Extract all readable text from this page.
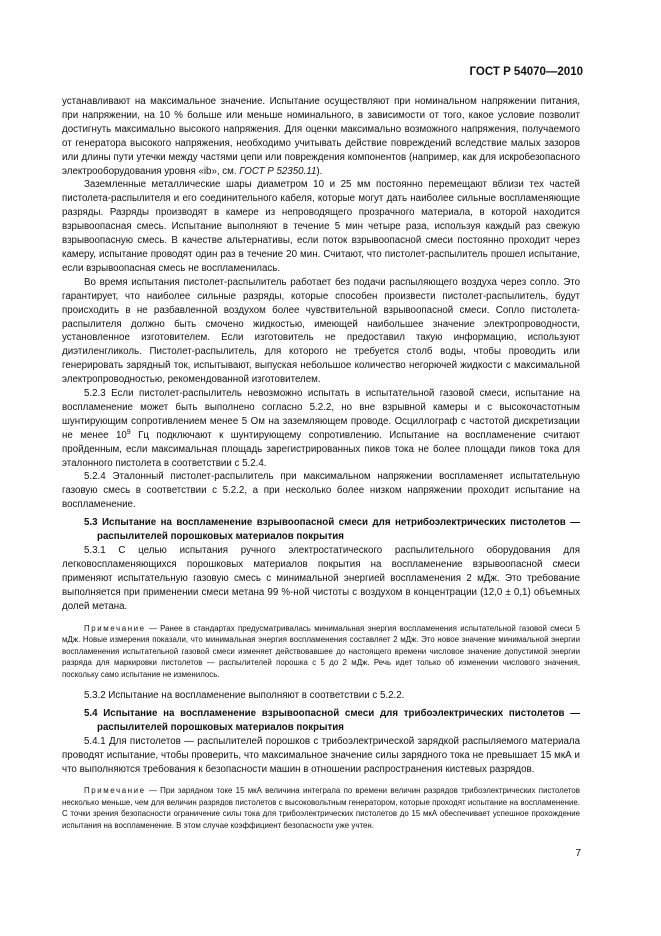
ГОСТ Р 54070—2010

устанавливают на максимальное значение. Испытание осуществляют при номинальном напряжении питания, при напряжении, на 10 % больше или меньше номинального, в зависимости от того, какое условие позволит достигнуть максимально высокого напряжения. Для оценки максимально возможного напряжения, получаемого от генератора высокого напряжения, необходимо учитывать действие повреждений вследствие малых зазоров или длины пути утечки между частями цепи или повреждения компонентов (например, как для искробезопасного электрооборудования уровня «ib», см. ГОСТ Р 52350.11).

Заземленные металлические шары диаметром 10 и 25 мм постоянно перемещают вблизи тех частей пистолета-распылителя и его соединительного кабеля, которые могут дать наиболее сильные воспламеняющие разряды. Разряды производят в камере из непроводящего прозрачного материала, в которой находится взрывоопасная смесь. Испытание выполняют в течение 5 мин четыре раза, используя каждый раз свежую взрывоопасную смесь. В качестве альтернативы, если поток взрывоопасной смеси постоянно проходит через камеру, испытание проводят один раз в течение 20 мин. Считают, что пистолет-распылитель прошел испытание, если взрывоопасная смесь не воспламенилась.

Во время испытания пистолет-распылитель работает без подачи распыляющего воздуха через сопло. Это гарантирует, что наиболее сильные разряды, которые способен произвести пистолет-распылитель, будут происходить в не разбавленной воздухом более чувствительной взрывоопасной смеси. Сопло пистолета-распылителя должно быть смочено жидкостью, имеющей наибольшее значение электропроводности, установленное изготовителем. Если изготовитель не предоставил такую информацию, используют диэтиленгликоль. Пистолет-распылитель, для которого не требуется столб воды, чтобы проводить или генерировать зарядный ток, испытывают, выпуская небольшое количество негорючей жидкости с максимальной электропроводностью, рекомендованной изготовителем.

5.2.3 Если пистолет-распылитель невозможно испытать в испытательной газовой смеси, испытание на воспламенение может быть выполнено согласно 5.2.2, но вне взрывной камеры и с высокочастотным шунтирующим сопротивлением менее 5 Ом на заземляющем проводе. Осциллограф с частотой дискретизации не менее $10^9$ Гц подключают к шунтирующему сопротивлению. Испытание на воспламенение считают пройденным, если максимальная площадь зарегистрированных пиков тока не более площади пиков тока для эталонного пистолета в соответствии с 5.2.4.

5.2.4 Эталонный пистолет-распылитель при максимальном напряжении воспламеняет испытательную газовую смесь в соответствии с 5.2.2, а при несколько более низком напряжении проходит испытание на воспламенение.

5.3 Испытание на воспламенение взрывоопасной смеси для нетрибоэлектрических пистолетов — распылителей порошковых материалов покрытия

5.3.1 С целью испытания ручного электростатического распылительного оборудования для легковоспламеняющихся порошковых материалов покрытия на воспламенение взрывоопасной смеси применяют испытательную газовую смесь с минимальной энергией воспламенения 2 мДж. Это требование выполняется при применении смеси метана 99 %-ной чистоты с воздухом в концентрации (12,0 ± 0,1) объемных долей метана.

Примечание — Ранее в стандартах предусматривалась минимальная энергия воспламенения испытательной газовой смеси 5 мДж. Новые измерения показали, что минимальная энергия воспламенения составляет 2 мДж. Это новое значение минимальной энергии воспламенения испытательной газовой смеси изменяет действовавшее до настоящего времени числовое значение допустимой энергии разряда для маркировки пистолетов — распылителей порошка с 5 до 2 мДж. Речь идет только об изменении числового значения, поскольку само испытание не изменилось.

5.3.2 Испытание на воспламенение выполняют в соответствии с 5.2.2.

5.4 Испытание на воспламенение взрывоопасной смеси для трибоэлектрических пистолетов — распылителей порошковых материалов покрытия

5.4.1 Для пистолетов — распылителей порошков с трибоэлектрической зарядкой распыляемого материала проводят испытание, чтобы проверить, что максимальное значение силы зарядного тока не превышает 15 мкА и что выполняются требования к безопасности машин в отношении распространения кистевых разрядов.

Примечание — При зарядном токе 15 мкА величина интеграла по времени величин разрядов трибоэлектрических пистолетов несколько меньше, чем для величин разрядов пистолетов с высоковольтным генератором, которые проходят испытание на воспламенение. С точки зрения безопасности ограничение силы тока для трибоэлектрических пистолетов до 15 мкА обеспечивает успешное прохождение испытания на воспламенение. В этом случае коэффициент безопасности уже учтен.

7
